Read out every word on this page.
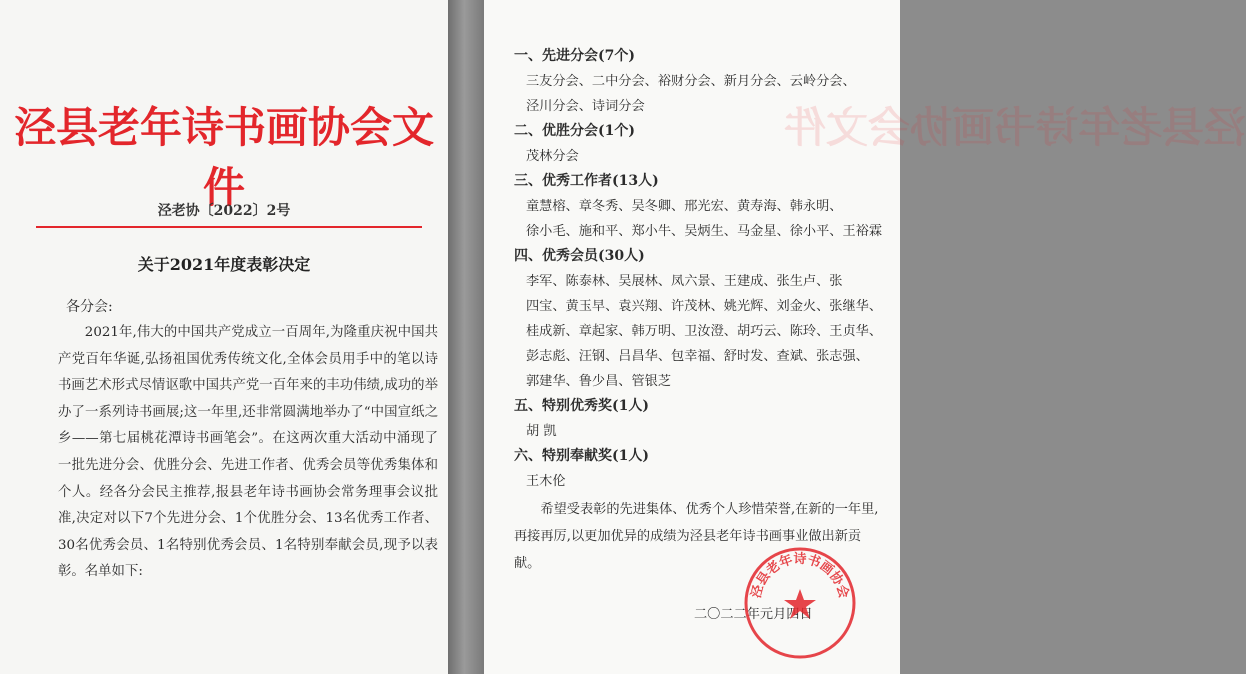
泾县老年诗书画协会文件
泾老协〔2022〕2号
关于2021年度表彰决定
各分会:

2021年,伟大的中国共产党成立一百周年,为隆重庆祝中国共产党百年华诞,弘扬祖国优秀传统文化,全体会员用手中的笔以诗书画艺术形式尽情讴歌中国共产党一百年来的丰功伟绩,成功的举办了一系列诗书画展;这一年里,还非常圆满地举办了“中国宣纸之乡——第七届桃花潭诗书画笔会”。在这两次重大活动中涌现了一批先进分会、优胜分会、先进工作者、优秀会员等优秀集体和个人。经各分会民主推荐,报县老年诗书画协会常务理事会议批准,决定对以下7个先进分会、1个优胜分会、13名优秀工作者、30名优秀会员、1名特别优秀会员、1名特别奉献会员,现予以表彰。名单如下:

泾县老年诗书画协会文件
一、先进分会(7个)
三友分会、二中分会、裕财分会、新月分会、云岭分会、
泾川分会、诗词分会
二、优胜分会(1个)
茂林分会
三、优秀工作者(13人)
童慧榕、章冬秀、吴冬卿、邢光宏、黄寿海、韩永明、
徐小毛、施和平、郑小牛、吴炳生、马金星、徐小平、王裕霖
四、优秀会员(30人)
李军、陈泰林、吴展林、凤六景、王建成、张生卢、张
四宝、黄玉早、袁兴翔、许茂林、姚光辉、刘金火、张继华、
桂成新、章起家、韩万明、卫汝澄、胡巧云、陈玲、王贞华、
彭志彪、汪钢、吕昌华、包幸福、舒时发、查斌、张志强、
郭建华、鲁少昌、管银芝
五、特别优秀奖(1人)
胡 凯
六、特别奉献奖(1人)
王木伦
希望受表彰的先进集体、优秀个人珍惜荣誉,在新的一年里,再接再厉,以更加优异的成绩为泾县老年诗书画事业做出新贡献。
二〇二二年元月四日
泾县老年诗书画协会
